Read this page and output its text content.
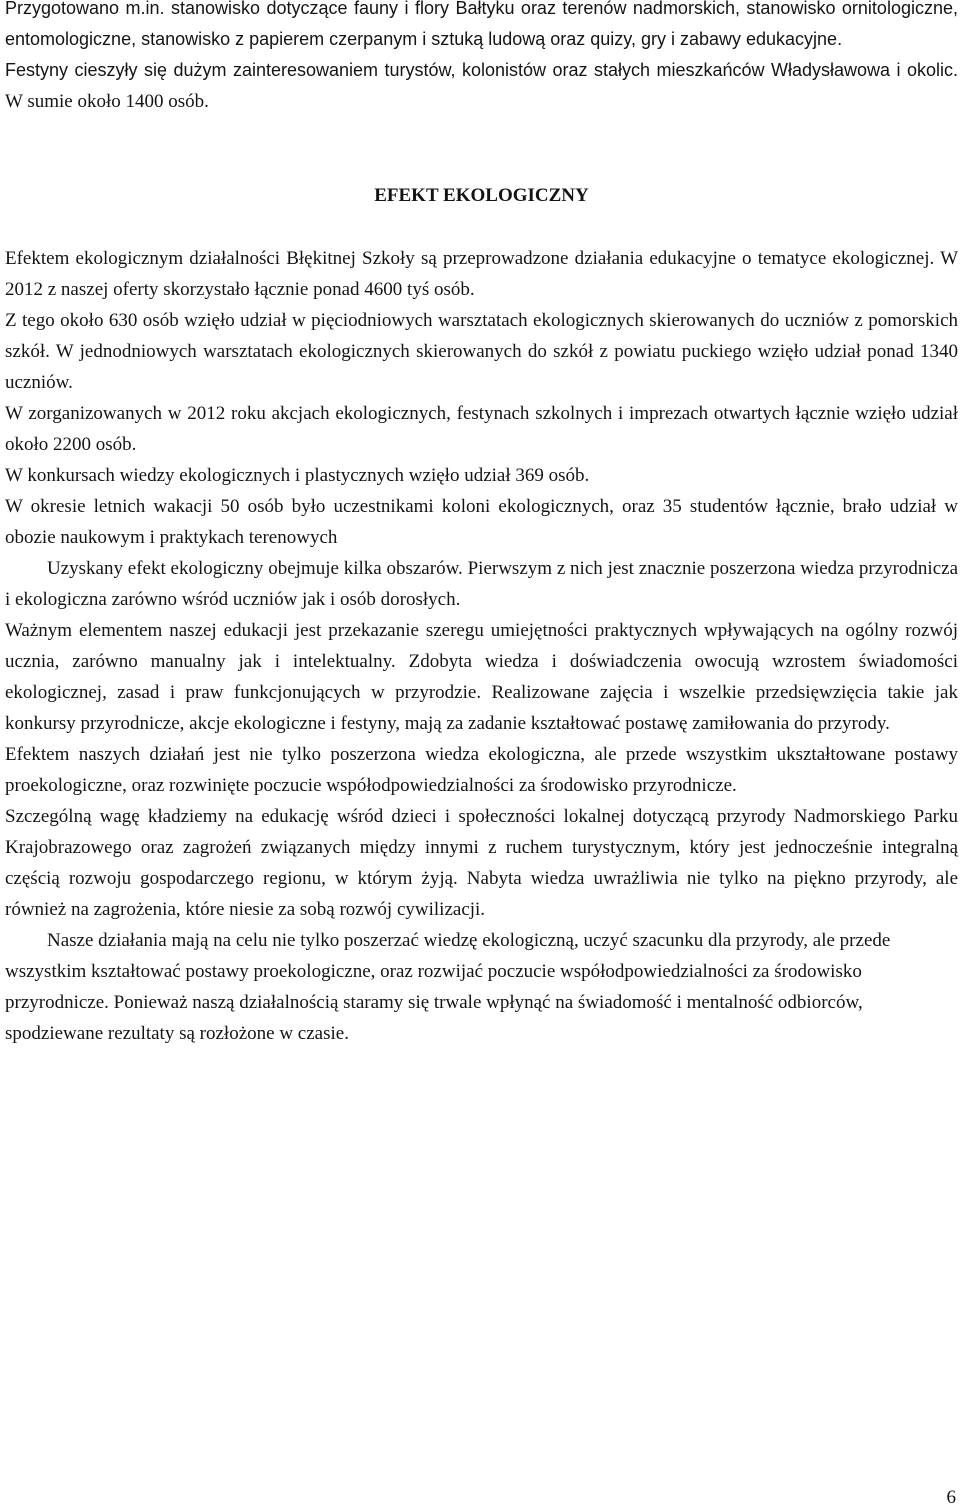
Przygotowano m.in. stanowisko dotyczące fauny i flory Bałtyku oraz terenów nadmorskich, stanowisko ornitologiczne, entomologiczne, stanowisko z papierem czerpanym i sztuką ludową oraz quizy, gry i zabawy edukacyjne.

Festyny cieszyły się dużym zainteresowaniem turystów, kolonistów oraz stałych mieszkańców Władysławowa i okolic. W sumie około 1400 osób.

EFEKT EKOLOGICZNY

Efektem ekologicznym działalności Błękitnej Szkoły są przeprowadzone działania edukacyjne o tematyce ekologicznej. W 2012 z naszej oferty skorzystało łącznie ponad 4600 tyś osób.

Z tego około 630 osób wzięło udział w pięciodniowych warsztatach ekologicznych skierowanych do uczniów z pomorskich szkół. W jednodniowych warsztatach ekologicznych skierowanych do szkół z powiatu puckiego wzięło udział ponad 1340 uczniów.

W zorganizowanych w 2012 roku akcjach ekologicznych, festynach szkolnych i imprezach otwartych łącznie wzięło udział około 2200 osób.

W konkursach wiedzy ekologicznych i plastycznych wzięło udział 369 osób.

W okresie letnich wakacji 50 osób było uczestnikami koloni ekologicznych, oraz 35 studentów łącznie, brało udział w obozie naukowym i praktykach terenowych

Uzyskany efekt ekologiczny obejmuje kilka obszarów. Pierwszym z nich jest znacznie poszerzona wiedza przyrodnicza i ekologiczna zarówno wśród uczniów jak i osób dorosłych.

Ważnym elementem naszej edukacji jest przekazanie szeregu umiejętności praktycznych wpływających na ogólny rozwój ucznia, zarówno manualny jak i intelektualny. Zdobyta wiedza i doświadczenia owocują wzrostem świadomości ekologicznej, zasad i praw funkcjonujących w przyrodzie. Realizowane zajęcia i wszelkie przedsięwzięcia takie jak konkursy przyrodnicze, akcje ekologiczne i festyny, mają za zadanie kształtować postawę zamiłowania do przyrody.

Efektem naszych działań jest nie tylko poszerzona wiedza ekologiczna, ale przede wszystkim ukształtowane postawy proekologiczne, oraz rozwinięte poczucie współodpowiedzialności za środowisko przyrodnicze.

Szczególną wagę kładziemy na edukację wśród dzieci i społeczności lokalnej dotyczącą przyrody Nadmorskiego Parku Krajobrazowego oraz zagrożeń związanych między innymi z ruchem turystycznym, który jest jednocześnie integralną częścią rozwoju gospodarczego regionu, w którym żyją. Nabyta wiedza uwrażliwia nie tylko na piękno przyrody, ale również na zagrożenia, które niesie za sobą rozwój cywilizacji.

Nasze działania mają na celu nie tylko poszerzać wiedzę ekologiczną, uczyć szacunku dla przyrody, ale przede wszystkim kształtować postawy proekologiczne, oraz rozwijać poczucie współodpowiedzialności za środowisko przyrodnicze. Ponieważ naszą działalnością staramy się trwale wpłynąć na świadomość i mentalność odbiorców, spodziewane rezultaty są rozłożone w czasie.

6
